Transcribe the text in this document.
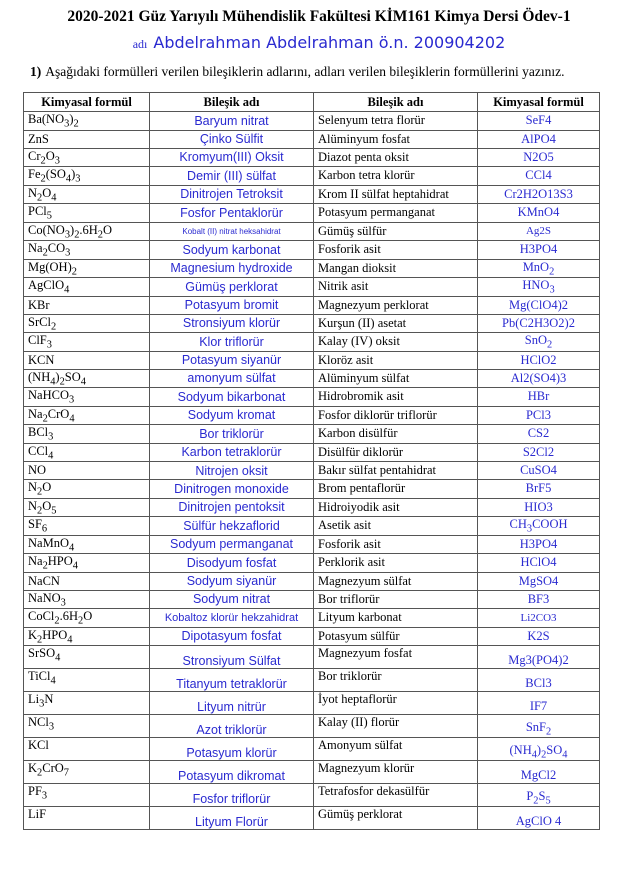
2020-2021 Güz Yarıyılı Mühendislik Fakültesi KİM161 Kimya Dersi Ödev-1
adı Abdelrahman Abdelrahman ö.n. 200904202
1) Aşağıdaki formülleri verilen bileşiklerin adlarını, adları verilen bileşiklerin formüllerini yazınız.
Kimyasal formül	Bileşik adı	Bileşik adı	Kimyasal formül
$Ba(NO_3)_2$	Baryum nitrat	Selenyum tetra florür	SeF4
ZnS	Çinko Sülfit	Alüminyum fosfat	AlPO4
$Cr_2O_3$	Kromyum(III) Oksit	Diazot penta oksit	N2O5
$Fe_2(SO_4)_3$	Demir (III) sülfat	Karbon tetra klorür	CCl4
$N_2O_4$	Dinitrojen Tetroksit	Krom II sülfat heptahidrat	Cr2H2O13S3
PCl$_5$	Fosfor Pentaklorür	Potasyum permanganat	KMnO4
$Co(NO_3)_2.6H_2O$	Kobalt (II) nitrat heksahidrat	Gümüş sülfür	Ag2S
$Na_2CO_3$	Sodyum karbonat	Fosforik asit	H3PO4
$Mg(OH)_2$	Magnesium hydroxide	Mangan dioksit	MnO$_2$
AgClO$_4$	Gümüş perklorat	Nitrik asit	$HNO_3$
KBr	Potasyum bromit	Magnezyum perklorat	Mg(ClO4)2
SrCl$_2$	Stronsiyum klorür	Kurşun (II) asetat	Pb(C2H3O2)2
ClF$_3$	Klor triflorür	Kalay (IV) oksit	SnO$_2$
KCN	Potasyum siyanür	Kloröz asit	HClO2
$(NH_4)_2SO_4$	amonyum sülfat	Alüminyum sülfat	Al2(SO4)3
NaHCO$_3$	Sodyum bikarbonat	Hidrobromik asit	HBr
$Na_2CrO_4$	Sodyum kromat	Fosfor diklorür triflorür	PCl3
BCl$_3$	Bor triklorür	Karbon disülfür	CS2
CCl$_4$	Karbon tetraklorür	Disülfür diklorür	S2Cl2
NO	Nitrojen oksit	Bakır sülfat pentahidrat	CuSO4
$N_2O$	Dinitrogen monoxide	Brom pentaflorür	BrF5
$N_2O_5$	Dinitrojen pentoksit	Hidroiyodik asit	HIO3
$SF_6$	Sülfür hekzaflorid	Asetik asit	$CH_3COOH$
NaMnO$_4$	Sodyum permanganat	Fosforik asit	H3PO4
$Na_2HPO_4$	Disodyum fosfat	Perklorik asit	HClO4
NaCN	Sodyum siyanür	Magnezyum sülfat	MgSO4
NaNO$_3$	Sodyum nitrat	Bor triflorür	BF3
$CoCl_2.6H_2O$	Kobaltoz klorür hekzahidrat	Lityum karbonat	Li2CO3
$K_2HPO_4$	Dipotasyum fosfat	Potasyum sülfür	K2S
SrSO$_4$	Stronsiyum Sülfat	Magnezyum fosfat	Mg3(PO4)2
TiCl$_4$	Titanyum tetraklorür	Bor triklorür	BCl3
$Li_3N$	Lityum nitrür	İyot heptaflorür	IF7
NCl$_3$	Azot triklorür	Kalay (II) florür	SnF$_2$
KCl	Potasyum klorür	Amonyum sülfat	$(NH_4)_2SO_4$
$K_2CrO_7$	Potasyum dikromat	Magnezyum klorür	MgCl2
$PF_3$	Fosfor triflorür	Tetrafosfor dekasülfür	$P_2S_5$
LiF	Lityum Florür	Gümüş perklorat	AgClO 4
